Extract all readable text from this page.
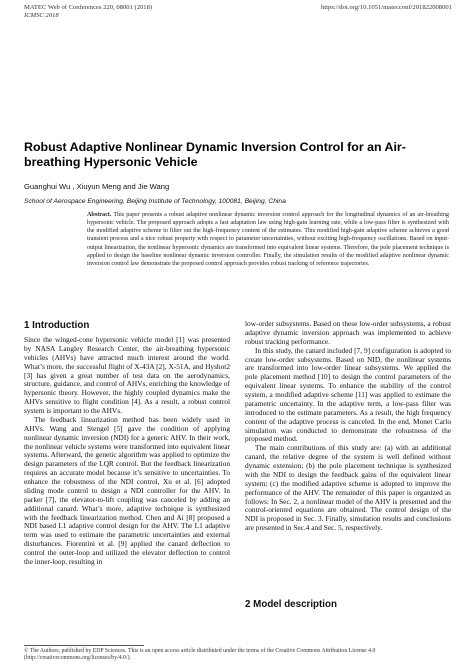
MATEC Web of Conferences 220, 08001 (2018)
ICMSC 2018
https://doi.org/10.1051/matecconf/201822008001
Robust Adaptive Nonlinear Dynamic Inversion Control for an Air-breathing Hypersonic Vehicle
Guanghui Wu , Xiuyun Meng and Jie Wang
School of Aerospace Engineering, Beijing Institute of Technology, 100081, Beijing, China
Abstract. This paper presents a robust adaptive nonlinear dynamic inversion control approach for the longitudinal dynamics of an air-breathing hypersonic vehicle. The proposed approach adopts a fast adaptation law using high-gain learning rate, while a low-pass filter is synthesized with the modified adaptive scheme to filter out the high-frequency content of the estimates. This modified high-gain adaptive scheme achieves a good transient process and a nice robust property with respect to parameter uncertainties, without exciting high-frequency oscillations. Based on input-output linearization, the nonlinear hypersonic dynamics are transformed into equivalent linear systems. Therefore, the pole placement technique is applied to design the baseline nonlinear dynamic inversion controller. Finally, the simulation results of the modified adaptive nonlinear dynamic inversion control law demonstrate the proposed control approach provides robust tracking of reference trajectories.
1 Introduction

Since the winged-cone hypersonic vehicle model [1] was presented by NASA Langley Research Center, the air-breathing hypersonic vehicles (AHVs) have attracted much interest around the world. What’s more, the successful flight of X-43A [2], X-51A, and Hyshot2 [3] has given a great number of test data on the aerodynamics, structure, guidance, and control of AHVs, enriching the knowledge of hypersonic theory. However, the highly coupled dynamics make the AHVs sensitive to flight condition [4]. As a result, a robust control system is important to the AHVs.

The feedback linearization method has been widely used in AHVs. Wang and Stengel [5] gave the condition of applying nonlinear dynamic inversion (NDI) for a generic AHV. In their work, the nonlinear vehicle systems were transformed into equivalent linear systems. Afterward, the genetic algorithm was applied to optimize the design parameters of the LQR control. But the feedback linearization requires an accurate model because it’s sensitive to uncertainties. To enhance the robustness of the NDI control, Xu et al. [6] adopted sliding mode control to design a NDI controller for the AHV. In parker [7], the elevator-to-lift coupling was canceled by adding an additional canard. What’s more, adaptive technique is synthesized with the feedback linearization method. Chen and Ai [8] proposed a NDI based L1 adaptive control design for the AHV. The L1 adaptive term was used to estimate the parametric uncertainties and external disturbances. Fiorentini et al. [9] applied the canard deflection to control the outer-loop and utilized the elevator deflection to control the inner-loop, resulting in

low-order subsystems. Based on these low-order subsystems, a robust adaptive dynamic inversion approach was implemented to achieve robust tracking performance.

In this study, the canard included [7, 9] configuration is adopted to create low-order subsystems. Based on NID, the nonlinear systems are transformed into low-order linear subsystems. We applied the pole placement method [10] to design the control parameters of the equivalent linear systems. To enhance the stability of the control system, a modified adaptive scheme [11] was applied to estimate the parametric uncertainty. In the adaptive term, a low-pass filter was introduced to the estimate parameters. As a result, the high frequency content of the adaptive process is canceled. In the end, Monet Carlo simulation was conducted to demonstrate the robustness of the proposed method.

The main contributions of this study are: (a) with an additional canard, the relative degree of the system is well defined without dynamic extension; (b) the pole placement technique is synthesized with the NDI to design the feedback gains of the equivalent linear system; (c) the modified adaptive scheme is adopted to improve the performance of the AHV. The remainder of this paper is organized as follows: In Sec. 2, a nonlinear model of the AHV is presented and the control-oriented equations are obtained. The control design of the NDI is proposed in Sec. 3. Finally, simulation results and conclusions are presented in Sec.4 and Sec. 5, respectively.

2 Model description
© The Authors, published by EDP Sciences. This is an open access article distributed under the terms of the Creative Commons Attribution License 4.0
(http://creativecommons.org/licenses/by/4.0/).
